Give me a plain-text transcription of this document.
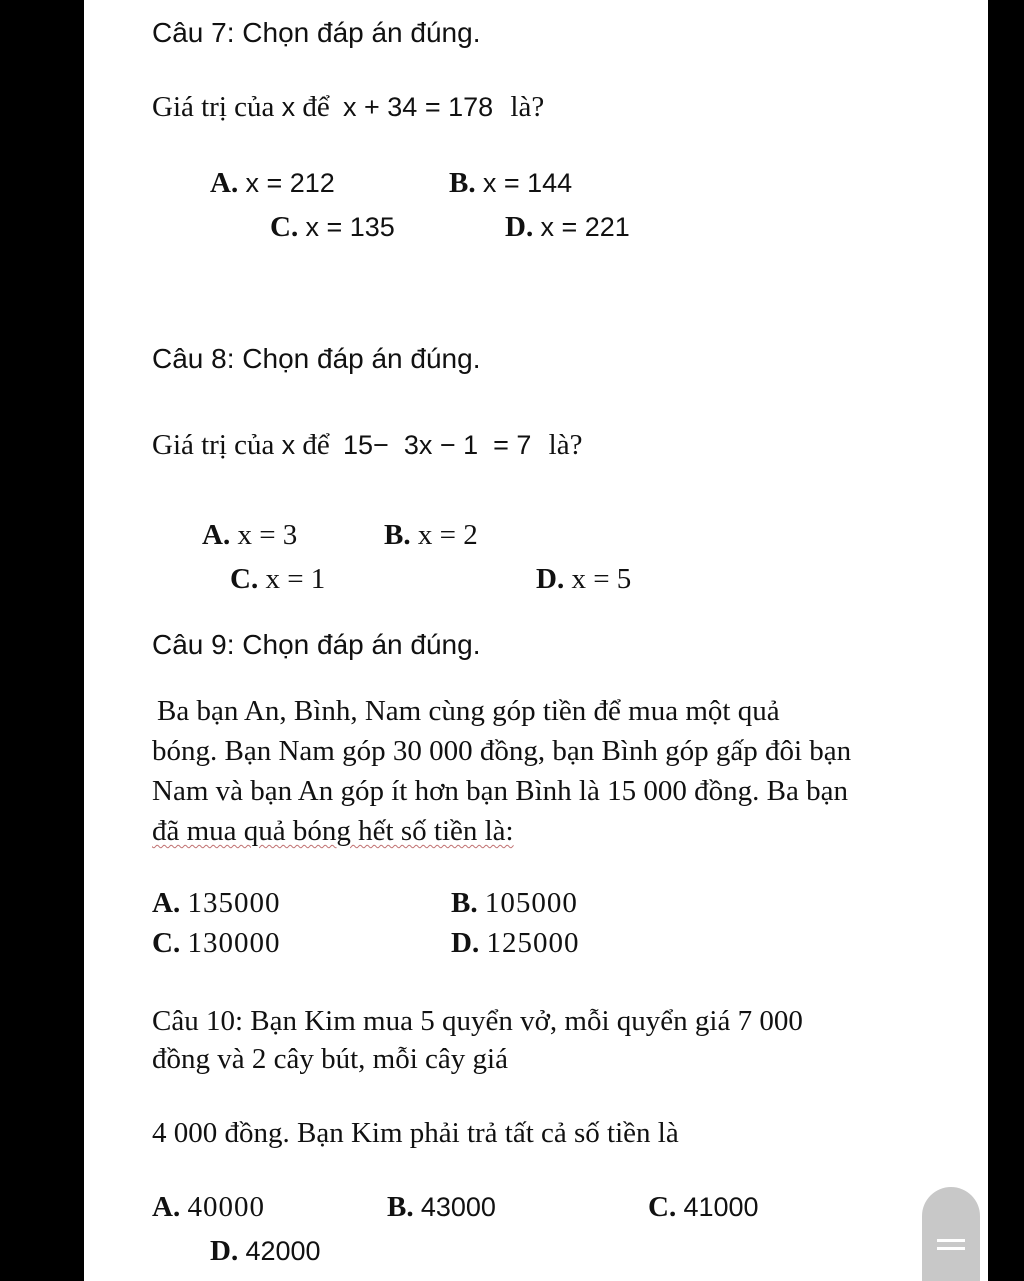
Câu 7: Chọn đáp án đúng.
Giá trị của x để x + 34 = 178 là?
A. x = 212	B. x = 144
C. x = 135	D. x = 221
Câu 8: Chọn đáp án đúng.
Giá trị của x để 15−  3x − 1  = 7 là?
A. x = 3	B. x = 2
C. x = 1	D. x = 5
Câu 9: Chọn đáp án đúng.
Ba bạn An, Bình, Nam cùng góp tiền để mua một quả
bóng. Bạn Nam góp 30 000 đồng, bạn Bình góp gấp đôi bạn
Nam và bạn An góp ít hơn bạn Bình là 15 000 đồng. Ba bạn
đã mua quả bóng hết số tiền là:
A. 135000	B. 105000
C. 130000	D. 125000
Câu 10: Bạn Kim mua 5 quyển vở, mỗi quyển giá 7 000
đồng và 2 cây bút, mỗi cây giá
4 000 đồng. Bạn Kim phải trả tất cả số tiền là
A. 40000	B. 43000	C. 41000
D. 42000
